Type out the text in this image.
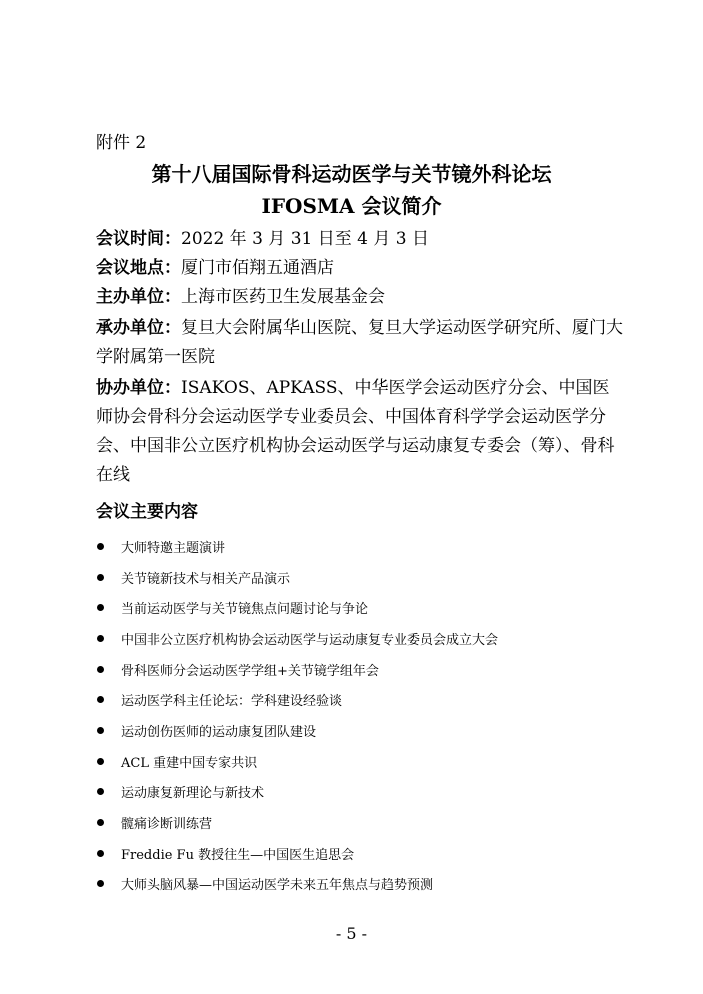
附件 2
第十八届国际骨科运动医学与关节镜外科论坛
IFOSMA 会议简介
会议时间：2022 年 3 月 31 日至 4 月 3 日
会议地点：厦门市佰翔五通酒店
主办单位：上海市医药卫生发展基金会
承办单位：复旦大会附属华山医院、复旦大学运动医学研究所、厦门大学附属第一医院
协办单位：ISAKOS、APKASS、中华医学会运动医疗分会、中国医师协会骨科分会运动医学专业委员会、中国体育科学学会运动医学分会、中国非公立医疗机构协会运动医学与运动康复专委会（筹）、骨科在线
会议主要内容
大师特邀主题演讲
关节镜新技术与相关产品演示
当前运动医学与关节镜焦点问题讨论与争论
中国非公立医疗机构协会运动医学与运动康复专业委员会成立大会
骨科医师分会运动医学学组+关节镜学组年会
运动医学科主任论坛：学科建设经验谈
运动创伤医师的运动康复团队建设
ACL 重建中国专家共识
运动康复新理论与新技术
髋痛诊断训练营
Freddie Fu 教授往生—中国医生追思会
大师头脑风暴—中国运动医学未来五年焦点与趋势预测
- 5 -
